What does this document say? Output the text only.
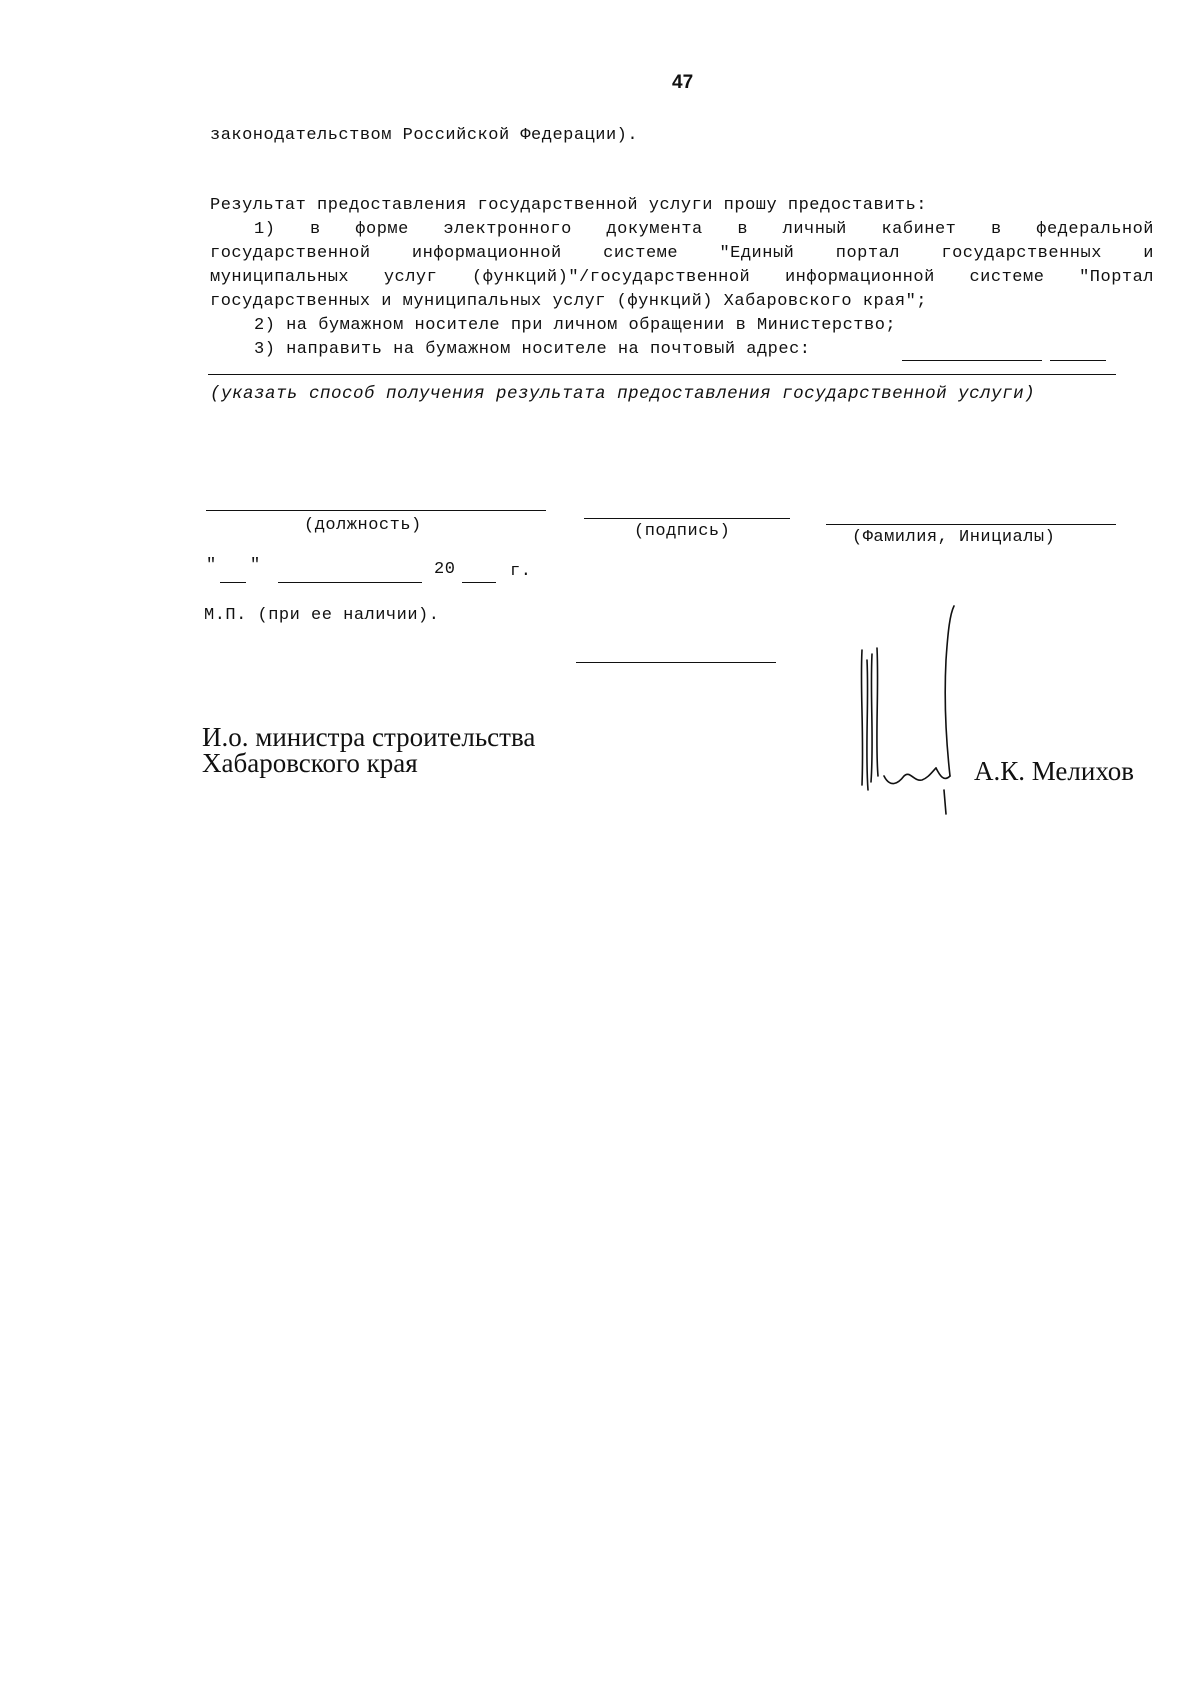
47
законодательством Российской Федерации).
Результат предоставления государственной услуги прошу предоставить:
1) в форме электронного документа в личный кабинет в федеральной
государственной информационной системе "Единый портал государственных и
муниципальных услуг (функций)"/государственной информационной системе "Портал
государственных и муниципальных услуг (функций) Хабаровского края";
2) на бумажном носителе при личном обращении в Министерство;
3) направить на бумажном носителе на почтовый адрес:
(указать способ получения результата предоставления государственной услуги)
(должность)	(подпись)	(Фамилия, Инициалы)
" "	20	г.
М.П. (при ее наличии).
И.о. министра строительства
Хабаровского края	А.К. Мелихов
